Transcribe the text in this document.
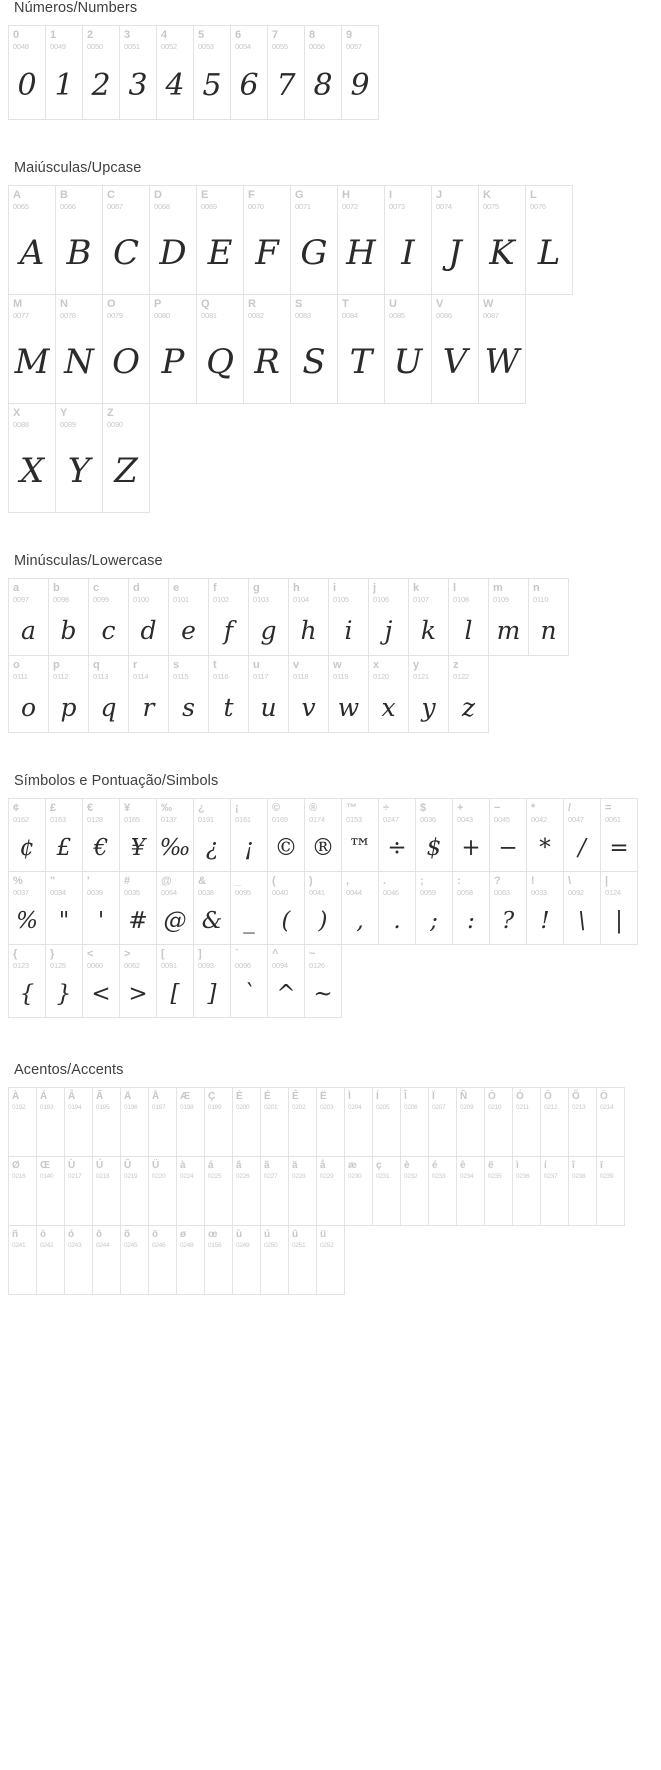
Números/Numbers
0
0048
0
1
0049
1
2
0050
2
3
0051
3
4
0052
4
5
0053
5
6
0054
6
7
0055
7
8
0056
8
9
0057
9
Maiúsculas/Upcase
A
0065
A
B
0066
B
C
0067
C
D
0068
D
E
0069
E
F
0070
F
G
0071
G
H
0072
H
I
0073
I
J
0074
J
K
0075
K
L
0076
L
M
0077
M
N
0078
N
O
0079
O
P
0080
P
Q
0081
Q
R
0082
R
S
0083
S
T
0084
T
U
0085
U
V
0086
V
W
0087
W
X
0088
X
Y
0089
Y
Z
0090
Z
Minúsculas/Lowercase
a
0097
a
b
0098
b
c
0099
c
d
0100
d
e
0101
e
f
0102
f
g
0103
g
h
0104
h
i
0105
i
j
0106
j
k
0107
k
l
0108
l
m
0109
m
n
0110
n
o
0111
o
p
0112
p
q
0113
q
r
0114
r
s
0115
s
t
0116
t
u
0117
u
v
0118
v
w
0119
w
x
0120
x
y
0121
y
z
0122
z
Símbolos e Pontuação/Simbols
¢
0162
¢
£
0163
£
€
0128
€
¥
0165
¥
‰
0137
‰
¿
0191
¿
¡
0161
¡
©
0169
©
®
0174
®
™
0153
™
÷
0247
÷
$
0036
$
+
0043
+
−
0045
−
*
0042
*
/
0047
/
=
0061
=
%
0037
%
"
0034
"
'
0039
'
#
0035
#
@
0064
@
&
0038
&
_
0095
_
(
0040
(
)
0041
)
,
0044
,
.
0046
.
;
0059
;
:
0058
:
?
0063
?
!
0033
!
\
0092
\
|
0124
|
{
0123
{
}
0125
}
<
0060
<
>
0062
>
[
0091
[
]
0093
]
`
0096
`
^
0094
^
~
0126
~
Acentos/Accents
À
0192
Á
0193
Â
0194
Ã
0195
Ä
0196
Å
0197
Æ
0198
Ç
0199
È
0200
É
0201
Ê
0202
Ë
0203
Ì
0204
Í
0205
Î
0206
Ï
0207
Ñ
0209
Ò
0210
Ó
0211
Ô
0212
Õ
0213
Ö
0214
Ø
0216
Œ
0140
Ù
0217
Ú
0218
Û
0219
Ü
0220
à
0224
á
0225
â
0226
ã
0227
ä
0228
å
0229
æ
0230
ç
0231
è
0232
é
0233
ê
0234
ë
0235
ì
0236
í
0237
î
0238
ï
0239
ñ
0241
ò
0242
ó
0243
ô
0244
õ
0245
ö
0246
ø
0248
œ
0156
ù
0249
ú
0250
û
0251
ü
0252
